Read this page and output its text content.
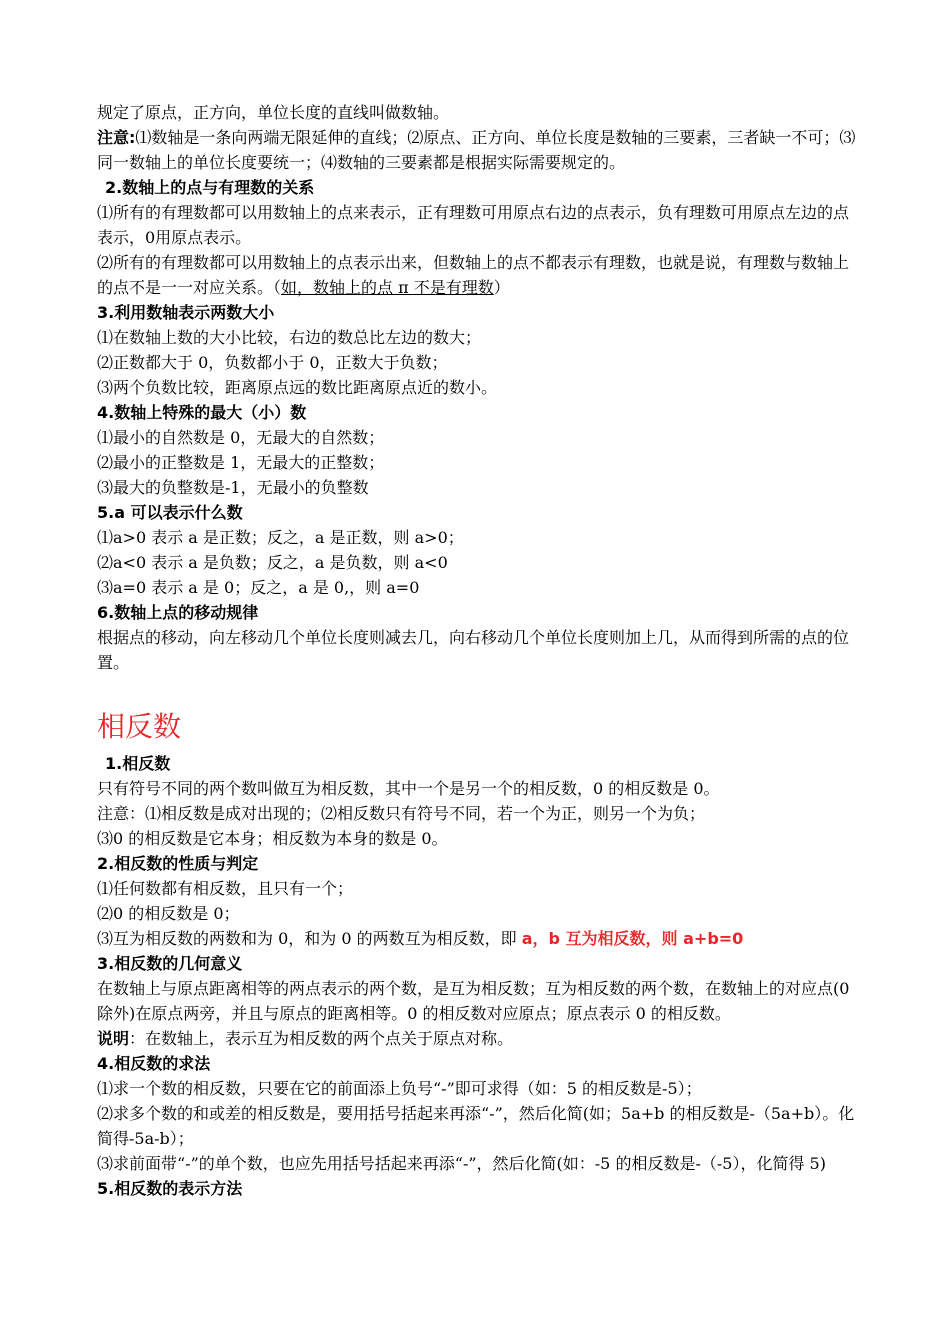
规定了原点，正方向，单位长度的直线叫做数轴。

注意:⑴数轴是一条向两端无限延伸的直线；⑵原点、正方向、单位长度是数轴的三要素，三者缺一不可；⑶同一数轴上的单位长度要统一；⑷数轴的三要素都是根据实际需要规定的。

2.数轴上的点与有理数的关系

⑴所有的有理数都可以用数轴上的点来表示，正有理数可用原点右边的点表示，负有理数可用原点左边的点表示，0用原点表示。

⑵所有的有理数都可以用数轴上的点表示出来，但数轴上的点不都表示有理数，也就是说，有理数与数轴上的点不是一一对应关系。（如，数轴上的点 π 不是有理数）

3.利用数轴表示两数大小

⑴在数轴上数的大小比较，右边的数总比左边的数大；

⑵正数都大于 0，负数都小于 0，正数大于负数；

⑶两个负数比较，距离原点远的数比距离原点近的数小。

4.数轴上特殊的最大（小）数

⑴最小的自然数是 0，无最大的自然数；

⑵最小的正整数是 1，无最大的正整数；

⑶最大的负整数是-1，无最小的负整数

5.a 可以表示什么数

⑴a>0 表示 a 是正数；反之，a 是正数，则 a>0；

⑵a<0 表示 a 是负数；反之，a 是负数，则 a<0

⑶a=0 表示 a 是 0；反之，a 是 0,，则 a=0

6.数轴上点的移动规律

根据点的移动，向左移动几个单位长度则减去几，向右移动几个单位长度则加上几，从而得到所需的点的位置。

相反数

1.相反数

只有符号不同的两个数叫做互为相反数，其中一个是另一个的相反数，0 的相反数是 0。

注意：⑴相反数是成对出现的；⑵相反数只有符号不同，若一个为正，则另一个为负；

⑶0 的相反数是它本身；相反数为本身的数是 0。

2.相反数的性质与判定

⑴任何数都有相反数，且只有一个；

⑵0 的相反数是 0；

⑶互为相反数的两数和为 0，和为 0 的两数互为相反数，即 a，b 互为相反数，则 a+b=0

3.相反数的几何意义

在数轴上与原点距离相等的两点表示的两个数，是互为相反数；互为相反数的两个数，在数轴上的对应点(0 除外)在原点两旁，并且与原点的距离相等。0 的相反数对应原点；原点表示 0 的相反数。

说明：在数轴上，表示互为相反数的两个点关于原点对称。

4.相反数的求法

⑴求一个数的相反数，只要在它的前面添上负号“-”即可求得（如：5 的相反数是-5）；

⑵求多个数的和或差的相反数是，要用括号括起来再添“-”，然后化简(如；5a+b 的相反数是-（5a+b）。化简得-5a-b）；

⑶求前面带“-”的单个数，也应先用括号括起来再添“-”，然后化简(如：-5 的相反数是-（-5），化简得 5)

5.相反数的表示方法
